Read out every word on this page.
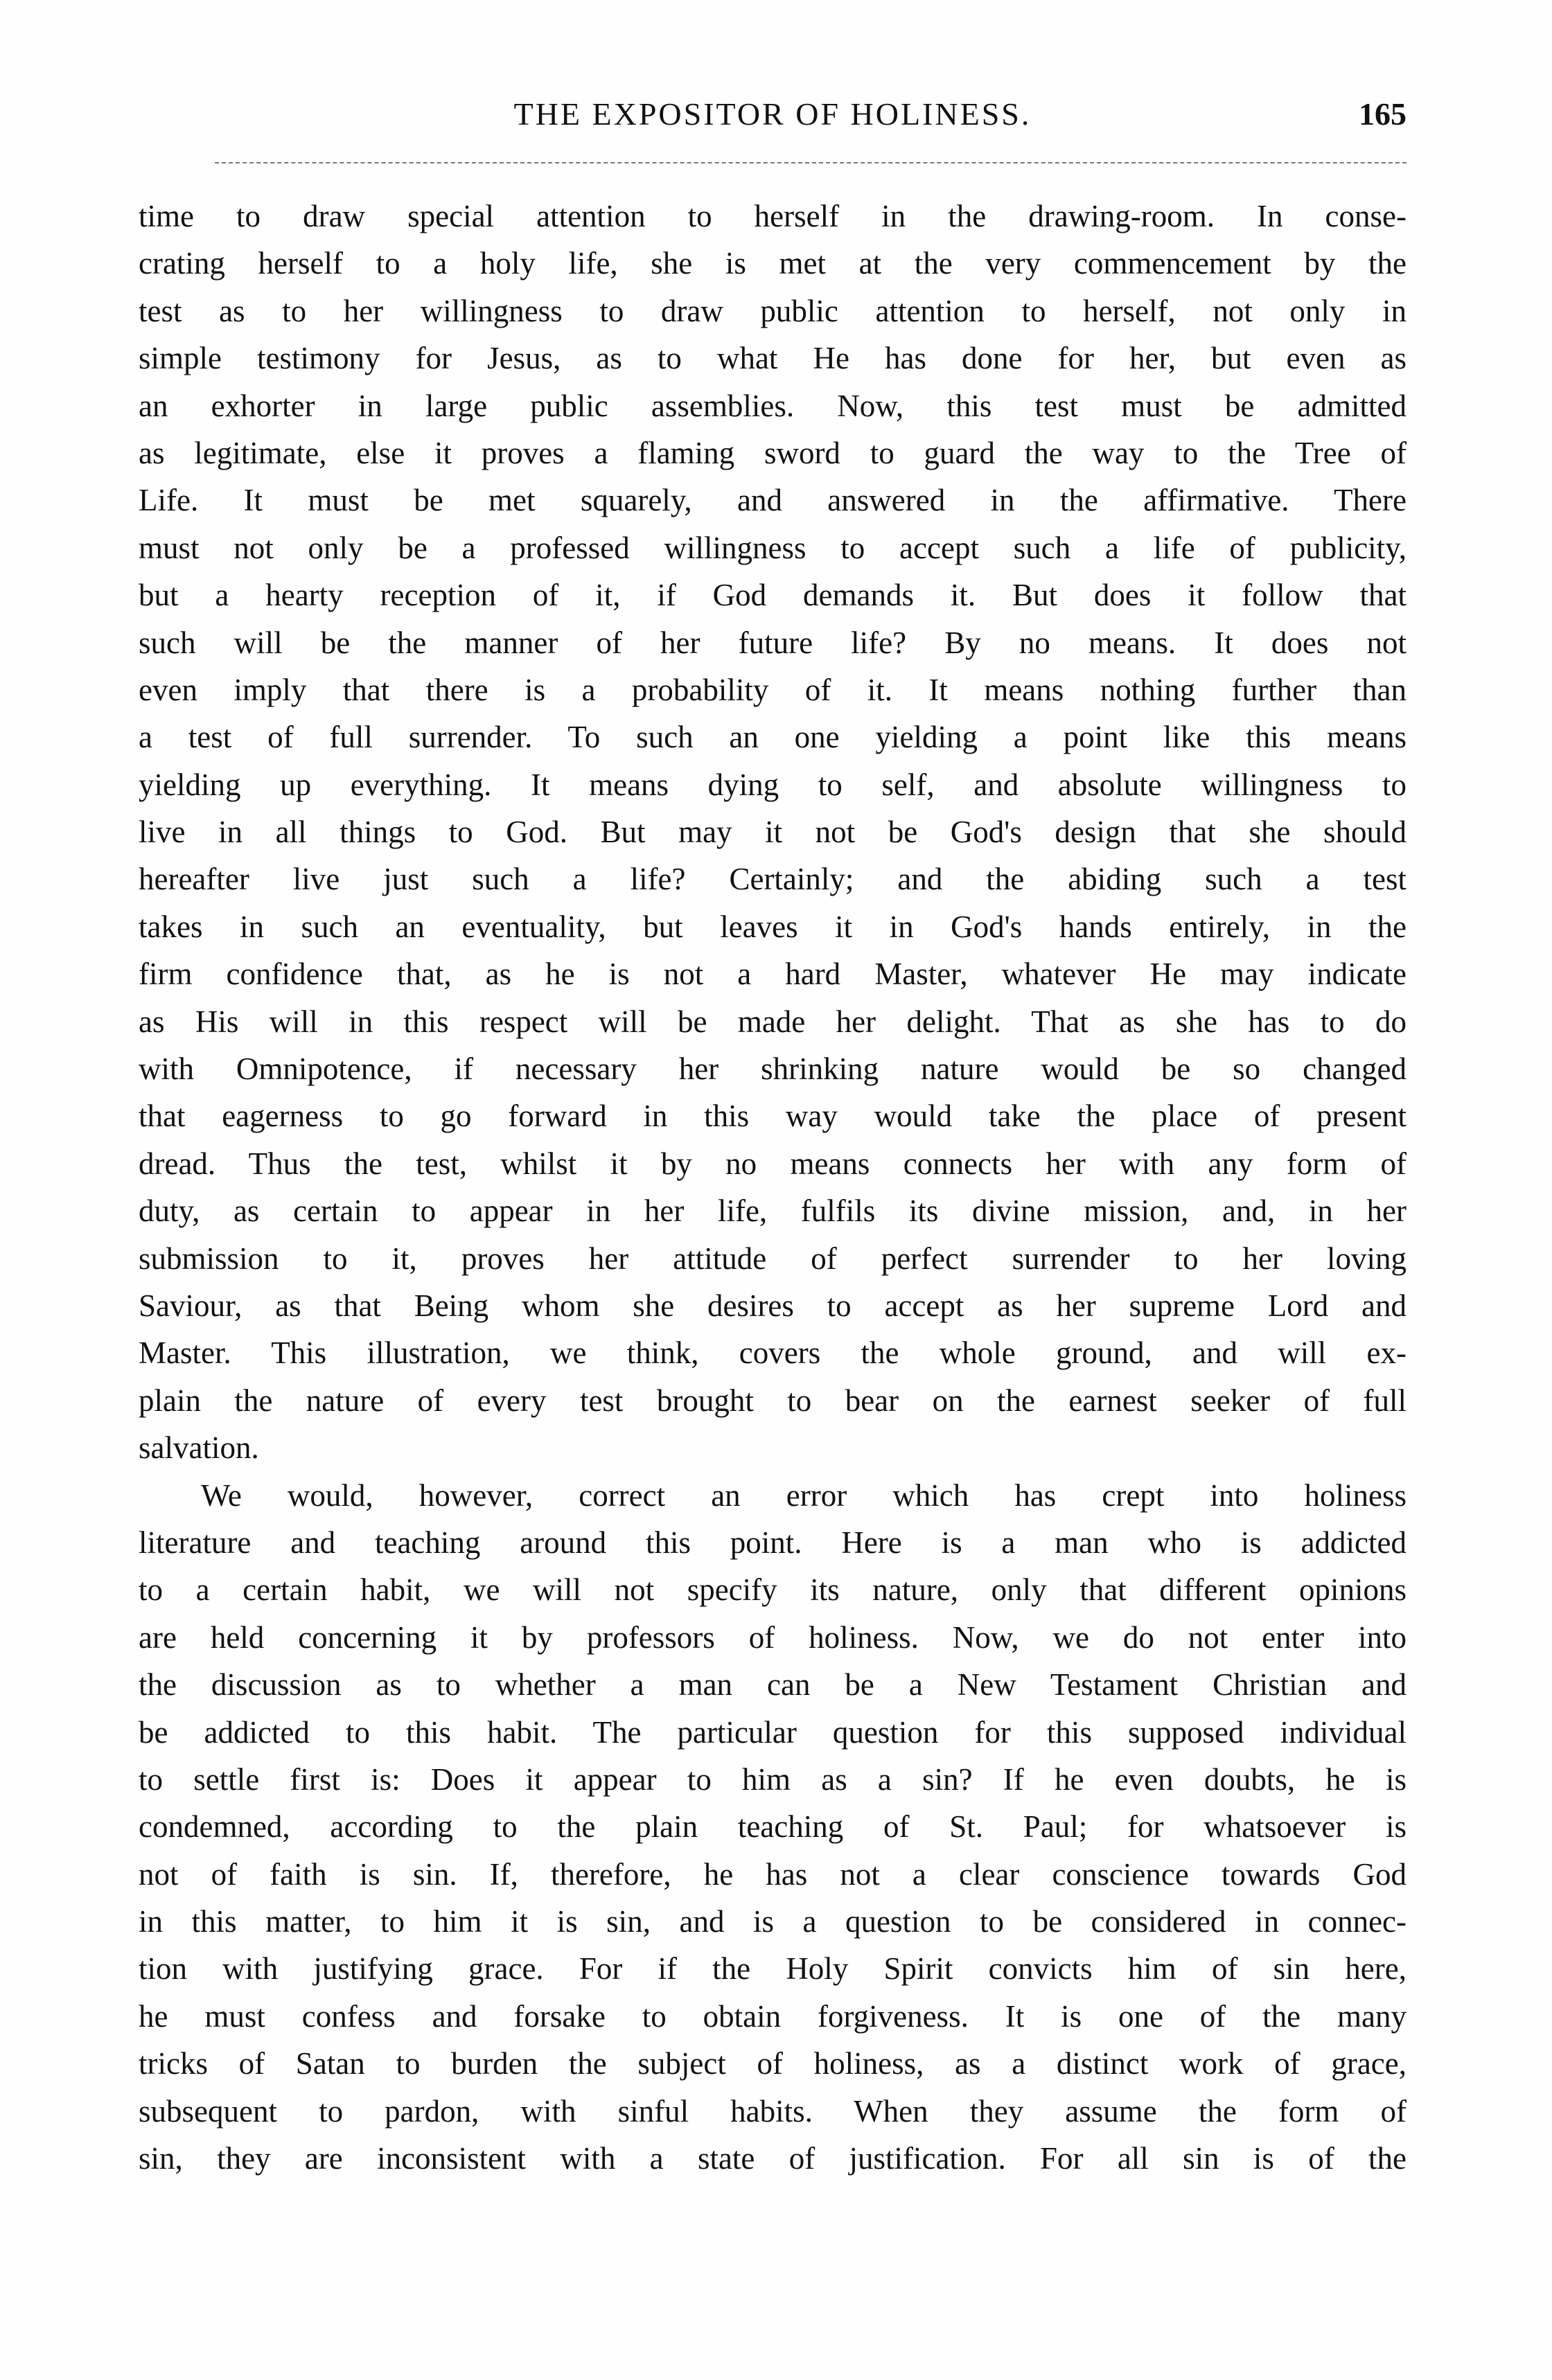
THE EXPOSITOR OF HOLINESS.	165
time to draw special attention to herself in the drawing-room. In conse-
crating herself to a holy life, she is met at the very commencement by the
test as to her willingness to draw public attention to herself, not only in
simple testimony for Jesus, as to what He has done for her, but even as
an exhorter in large public assemblies. Now, this test must be admitted
as legitimate, else it proves a flaming sword to guard the way to the Tree of
Life. It must be met squarely, and answered in the affirmative. There
must not only be a professed willingness to accept such a life of publicity,
but a hearty reception of it, if God demands it. But does it follow that
such will be the manner of her future life? By no means. It does not
even imply that there is a probability of it. It means nothing further than
a test of full surrender. To such an one yielding a point like this means
yielding up everything. It means dying to self, and absolute willingness to
live in all things to God. But may it not be God's design that she should
hereafter live just such a life? Certainly; and the abiding such a test
takes in such an eventuality, but leaves it in God's hands entirely, in the
firm confidence that, as he is not a hard Master, whatever He may indicate
as His will in this respect will be made her delight. That as she has to do
with Omnipotence, if necessary her shrinking nature would be so changed
that eagerness to go forward in this way would take the place of present
dread. Thus the test, whilst it by no means connects her with any form of
duty, as certain to appear in her life, fulfils its divine mission, and, in her
submission to it, proves her attitude of perfect surrender to her loving
Saviour, as that Being whom she desires to accept as her supreme Lord and
Master. This illustration, we think, covers the whole ground, and will ex-
plain the nature of every test brought to bear on the earnest seeker of full
salvation.
We would, however, correct an error which has crept into holiness
literature and teaching around this point. Here is a man who is addicted
to a certain habit, we will not specify its nature, only that different opinions
are held concerning it by professors of holiness. Now, we do not enter into
the discussion as to whether a man can be a New Testament Christian and
be addicted to this habit. The particular question for this supposed individual
to settle first is: Does it appear to him as a sin? If he even doubts, he is
condemned, according to the plain teaching of St. Paul; for whatsoever is
not of faith is sin. If, therefore, he has not a clear conscience towards God
in this matter, to him it is sin, and is a question to be considered in connec-
tion with justifying grace. For if the Holy Spirit convicts him of sin here,
he must confess and forsake to obtain forgiveness. It is one of the many
tricks of Satan to burden the subject of holiness, as a distinct work of grace,
subsequent to pardon, with sinful habits. When they assume the form of
sin, they are inconsistent with a state of justification. For all sin is of the
